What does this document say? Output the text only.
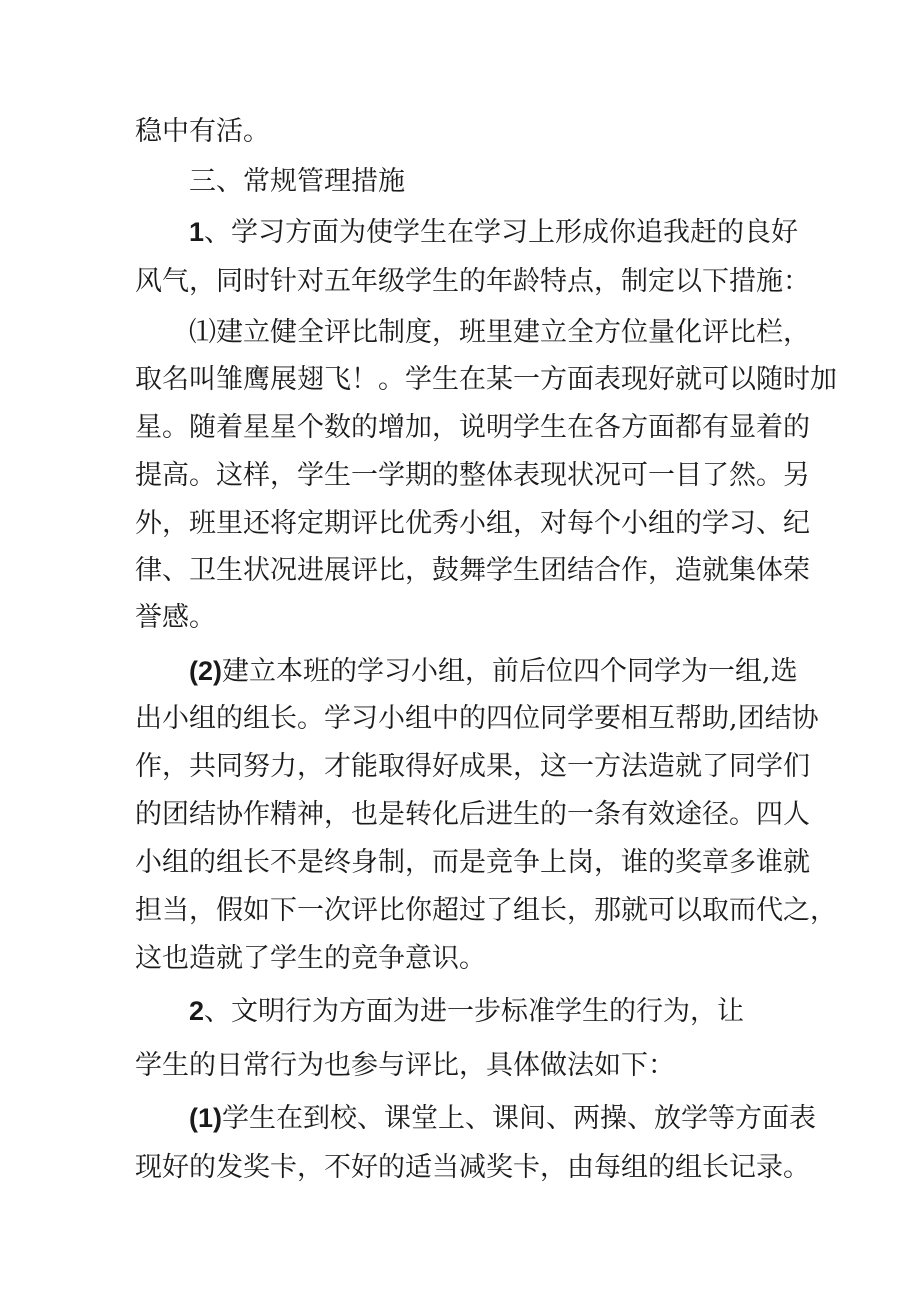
稳中有活。
三、常规管理措施
1、学习方面为使学生在学习上形成你追我赶的良好
风气，同时针对五年级学生的年龄特点，制定以下措施：
⑴建立健全评比制度，班里建立全方位量化评比栏，
取名叫雏鹰展翅飞！。学生在某一方面表现好就可以随时加
星。随着星星个数的增加，说明学生在各方面都有显着的
提高。这样，学生一学期的整体表现状况可一目了然。另
外，班里还将定期评比优秀小组，对每个小组的学习、纪
律、卫生状况进展评比，鼓舞学生团结合作，造就集体荣
誉感。
(2)建立本班的学习小组，前后位四个同学为一组,选
出小组的组长。学习小组中的四位同学要相互帮助,团结协
作，共同努力，才能取得好成果，这一方法造就了同学们
的团结协作精神，也是转化后进生的一条有效途径。四人
小组的组长不是终身制，而是竞争上岗，谁的奖章多谁就
担当，假如下一次评比你超过了组长，那就可以取而代之，
这也造就了学生的竞争意识。
2、文明行为方面为进一步标准学生的行为，让
学生的日常行为也参与评比，具体做法如下：
(1)学生在到校、课堂上、课间、两操、放学等方面表
现好的发奖卡，不好的适当减奖卡，由每组的组长记录。
